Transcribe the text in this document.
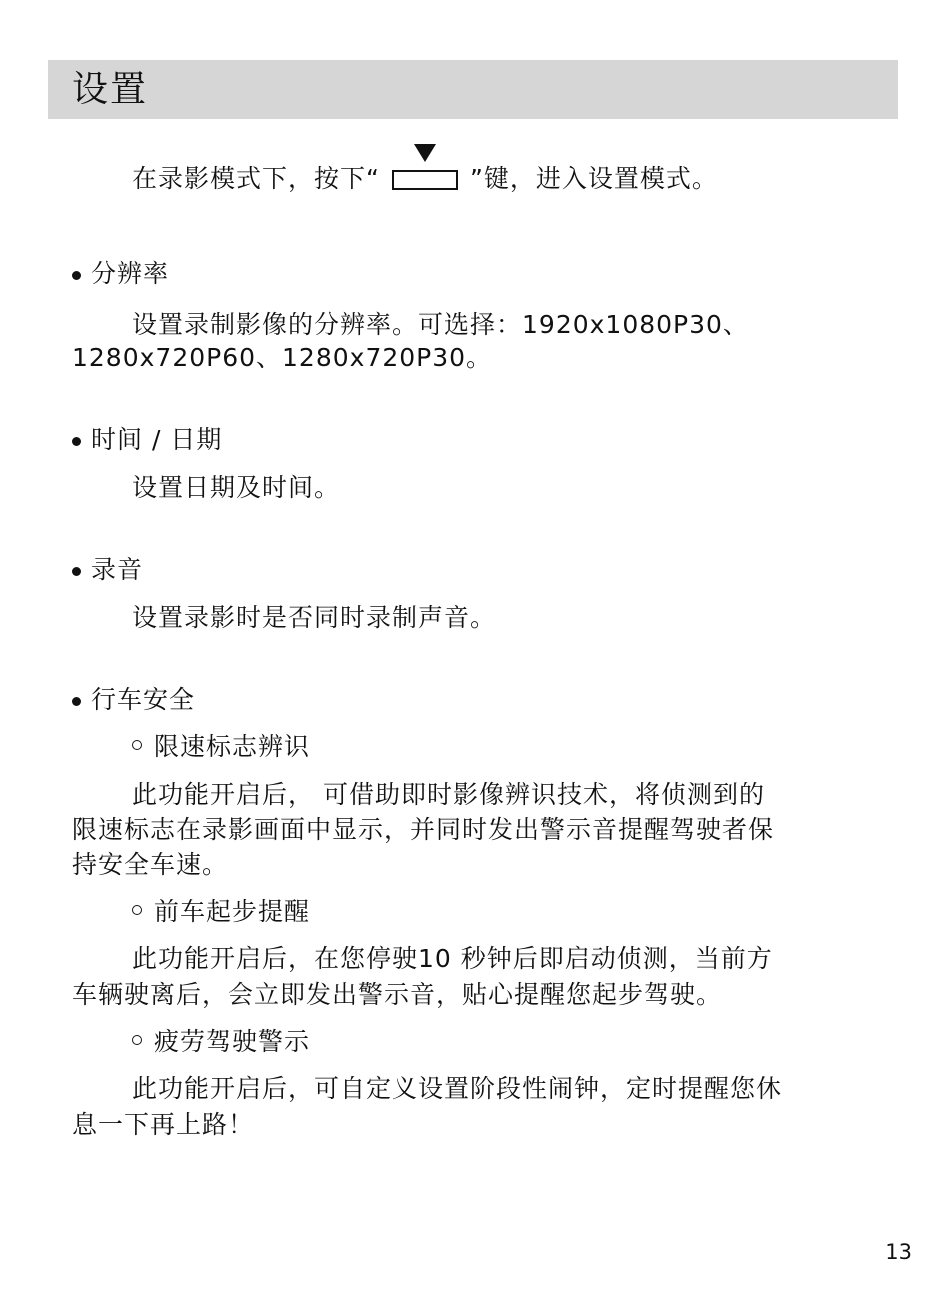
设置
在录影模式下，按下“	”键，进入设置模式。
分辨率
设置录制影像的分辨率。可选择：1920x1080P30、
1280x720P60、1280x720P30。
时间 / 日期
设置日期及时间。
录音
设置录影时是否同时录制声音。
行车安全
限速标志辨识
此功能开启后， 可借助即时影像辨识技术，将侦测到的
限速标志在录影画面中显示，并同时发出警示音提醒驾驶者保
持安全车速。
前车起步提醒
此功能开启后，在您停驶10 秒钟后即启动侦测，当前方
车辆驶离后，会立即发出警示音，贴心提醒您起步驾驶。
疲劳驾驶警示
此功能开启后，可自定义设置阶段性闹钟，定时提醒您休
息一下再上路！
13
